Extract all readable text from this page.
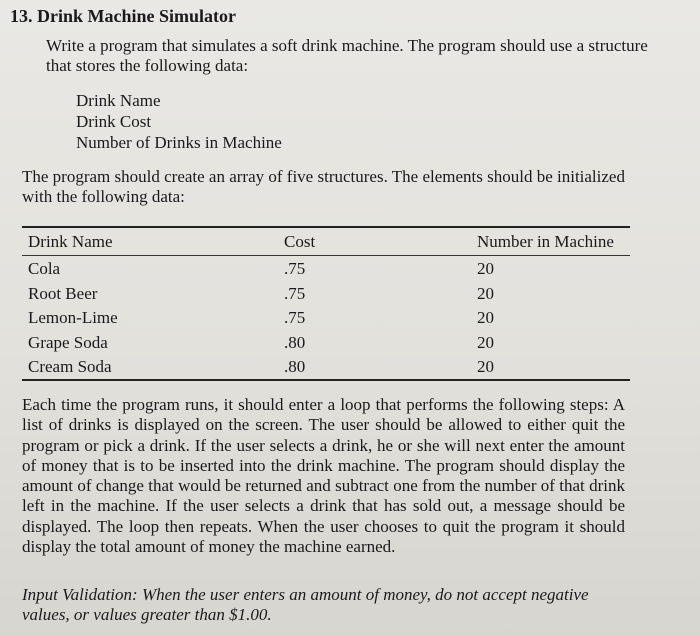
13. Drink Machine Simulator
Write a program that simulates a soft drink machine. The program should use a structure that stores the following data:
Drink Name
Drink Cost
Number of Drinks in Machine
The program should create an array of five structures. The elements should be initialized with the following data:
Drink Name	Cost	Number in Machine
Cola	.75	20
Root Beer	.75	20
Lemon-Lime	.75	20
Grape Soda	.80	20
Cream Soda	.80	20
Each time the program runs, it should enter a loop that performs the following steps: A list of drinks is displayed on the screen. The user should be allowed to either quit the program or pick a drink. If the user selects a drink, he or she will next enter the amount of money that is to be inserted into the drink machine. The program should display the amount of change that would be returned and subtract one from the number of that drink left in the machine. If the user selects a drink that has sold out, a message should be displayed. The loop then repeats. When the user chooses to quit the program it should display the total amount of money the machine earned.
Input Validation: When the user enters an amount of money, do not accept negative values, or values greater than $1.00.
